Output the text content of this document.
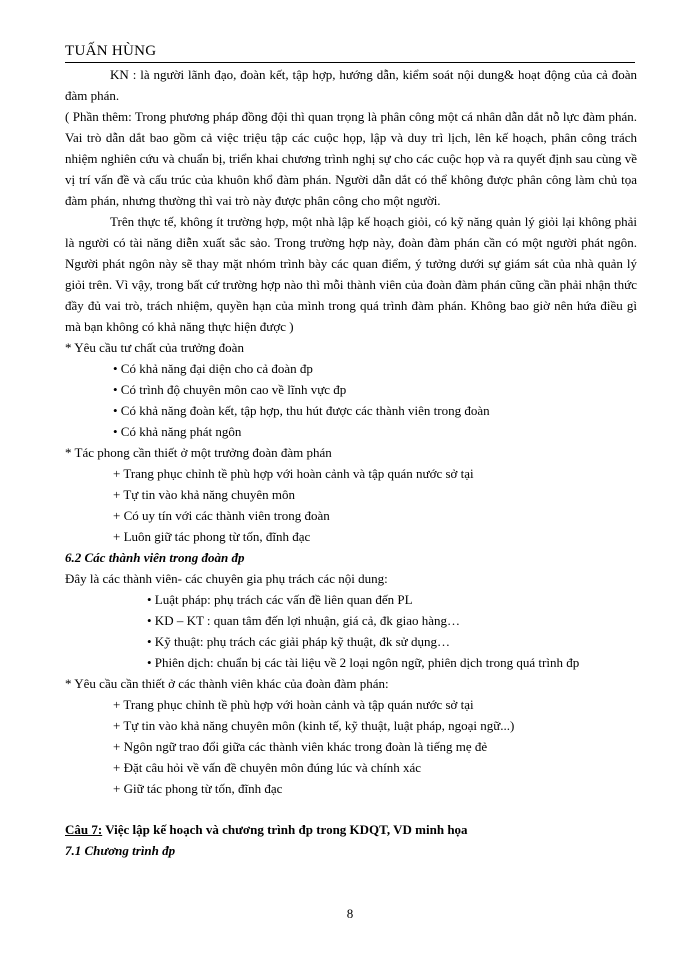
TUẤN HÙNG

KN : là người lãnh đạo, đoàn kết, tập hợp, hướng dẫn, kiểm soát nội dung& hoạt động của cả đoàn đàm phán.

( Phần thêm: Trong phương pháp đồng đội thì quan trọng là phân công một cá nhân dẫn dắt nỗ lực đàm phán. Vai trò dẫn dắt bao gồm cả việc triệu tập các cuộc họp, lập và duy trì lịch, lên kế hoạch, phân công trách nhiệm nghiên cứu và chuẩn bị, triển khai chương trình nghị sự cho các cuộc họp và ra quyết định sau cùng về vị trí vấn đề và cấu trúc của khuôn khổ đàm phán. Người dẫn dắt có thể không được phân công làm chủ tọa đàm phán, nhưng thường thì vai trò này được phân công cho một người.

Trên thực tế, không ít trường hợp, một nhà lập kế hoạch giỏi, có kỹ năng quản lý giỏi lại không phải là người có tài năng diễn xuất sắc sảo. Trong trường hợp này, đoàn đàm phán cần có một người phát ngôn. Người phát ngôn này sẽ thay mặt nhóm trình bày các quan điểm, ý tưởng dưới sự giám sát của nhà quản lý giỏi trên. Vì vậy, trong bất cứ trường hợp nào thì mỗi thành viên của đoàn đàm phán cũng cần phải nhận thức đầy đủ vai trò, trách nhiệm, quyền hạn của mình trong quá trình đàm phán. Không bao giờ nên hứa điều gì mà bạn không có khả năng thực hiện được )

* Yêu cầu tư chất của trưởng đoàn

• Có khả năng đại diện cho cả đoàn đp

• Có trình độ chuyên môn cao về lĩnh vực đp

• Có khả năng đoàn kết, tập hợp, thu hút được các thành viên trong đoàn

• Có khả năng phát ngôn

* Tác phong cần thiết ở một trưởng đoàn đàm phán

+ Trang phục chỉnh tề phù hợp với hoàn cảnh và tập quán nước sở tại

+ Tự tin vào khả năng chuyên môn

+ Có uy tín với các thành viên trong đoàn

+ Luôn giữ tác phong từ tốn, đĩnh đạc

6.2 Các thành viên trong đoàn đp

Đây là các thành viên- các chuyên gia phụ trách các nội dung:

• Luật pháp: phụ trách các vấn đề liên quan đến PL

• KD – KT : quan tâm đến lợi nhuận, giá cả, đk giao hàng…

• Kỹ thuật: phụ trách các giải pháp kỹ thuật, đk sử dụng…

• Phiên dịch: chuẩn bị các tài liệu về 2 loại ngôn ngữ, phiên dịch trong quá trình đp

* Yêu cầu cần thiết ở các thành viên khác của đoàn đàm phán:

+ Trang phục chỉnh tề phù hợp với hoàn cảnh và tập quán nước sở tại

+ Tự tin vào khả năng chuyên môn (kinh tế, kỹ thuật, luật pháp, ngoại ngữ...)

+ Ngôn ngữ trao đổi giữa các thành viên khác trong đoàn là tiếng mẹ đẻ

+ Đặt câu hỏi về vấn đề chuyên môn đúng lúc và chính xác

+ Giữ tác phong từ tốn, đĩnh đạc

Câu 7: Việc lập kế hoạch và chương trình đp trong KDQT, VD minh họa

7.1 Chương trình đp

8
